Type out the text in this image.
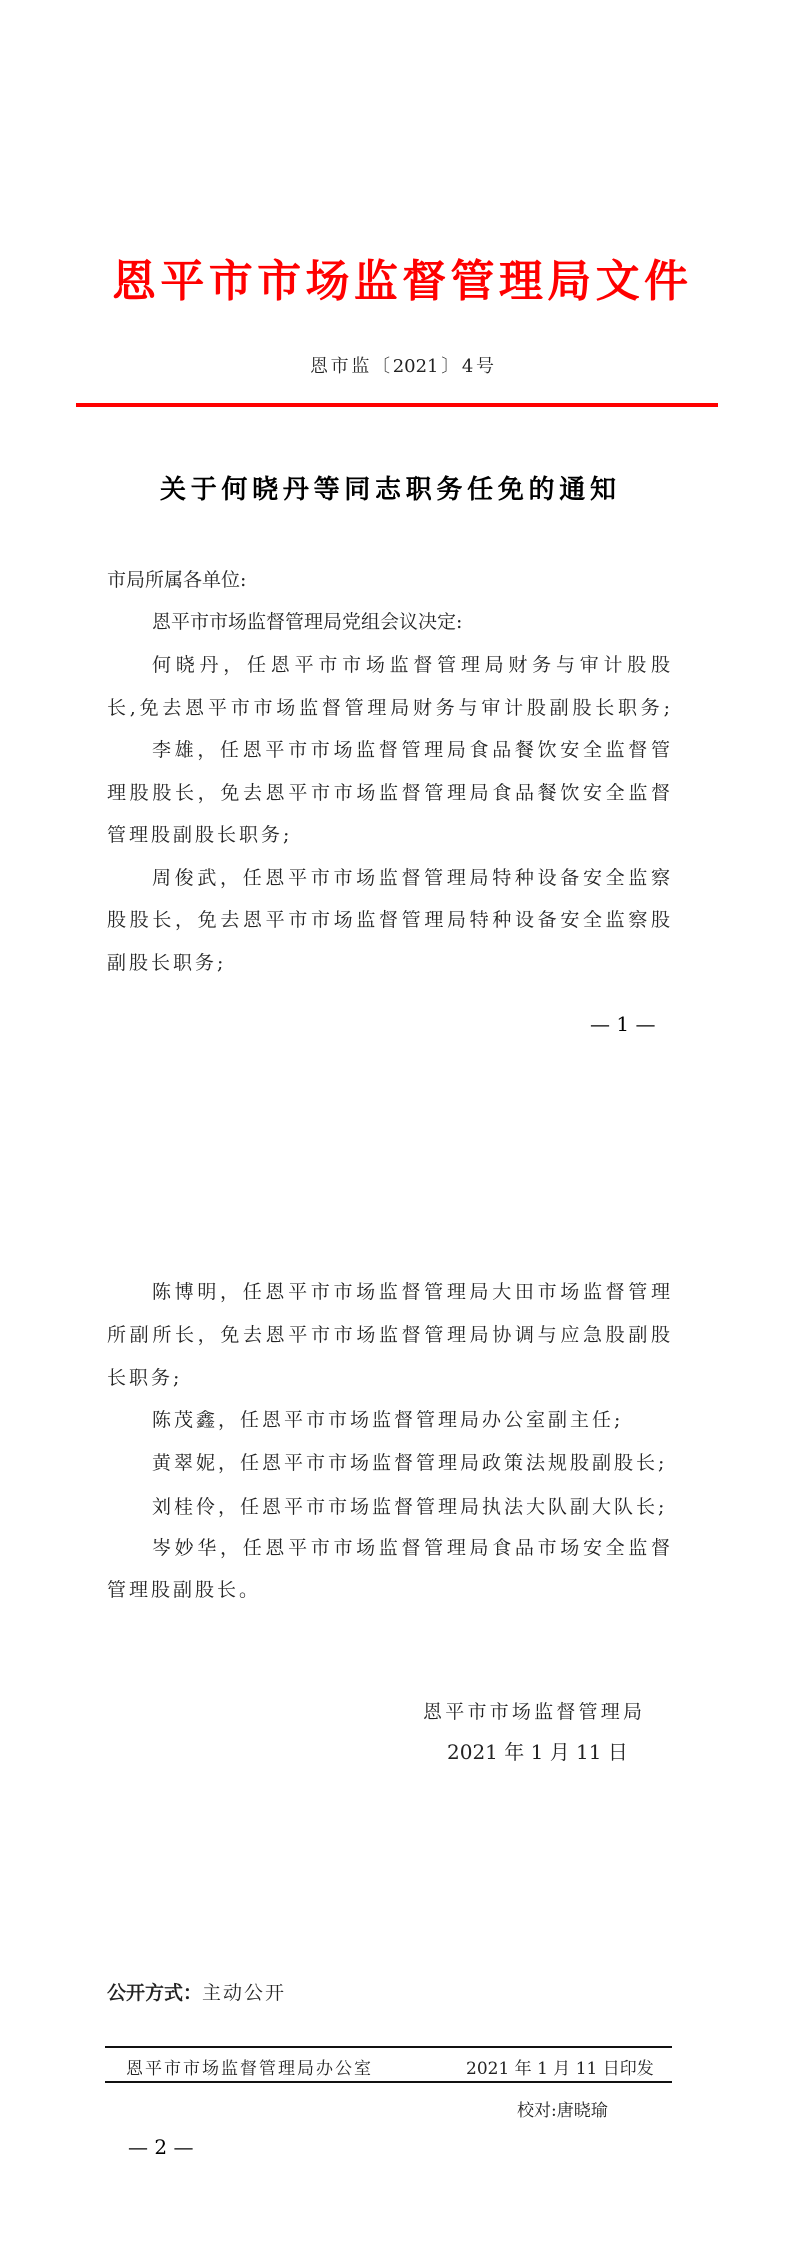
恩平市市场监督管理局文件
恩市监〔2021〕4号
关于何晓丹等同志职务任免的通知
市局所属各单位:
恩平市市场监督管理局党组会议决定:
何晓丹，任恩平市市场监督管理局财务与审计股股
长,免去恩平市市场监督管理局财务与审计股副股长职务;
李雄，任恩平市市场监督管理局食品餐饮安全监督管
理股股长，免去恩平市市场监督管理局食品餐饮安全监督
管理股副股长职务;
周俊武，任恩平市市场监督管理局特种设备安全监察
股股长，免去恩平市市场监督管理局特种设备安全监察股
副股长职务;
— 1 —
陈博明，任恩平市市场监督管理局大田市场监督管理
所副所长，免去恩平市市场监督管理局协调与应急股副股
长职务;
陈茂鑫，任恩平市市场监督管理局办公室副主任;
黄翠妮，任恩平市市场监督管理局政策法规股副股长;
刘桂伶，任恩平市市场监督管理局执法大队副大队长;
岑妙华，任恩平市市场监督管理局食品市场安全监督
管理股副股长。
恩平市市场监督管理局
2021 年 1 月 11 日
公开方式：主动公开
恩平市市场监督管理局办公室	2021 年 1 月 11 日印发
校对:唐晓瑜
— 2 —
